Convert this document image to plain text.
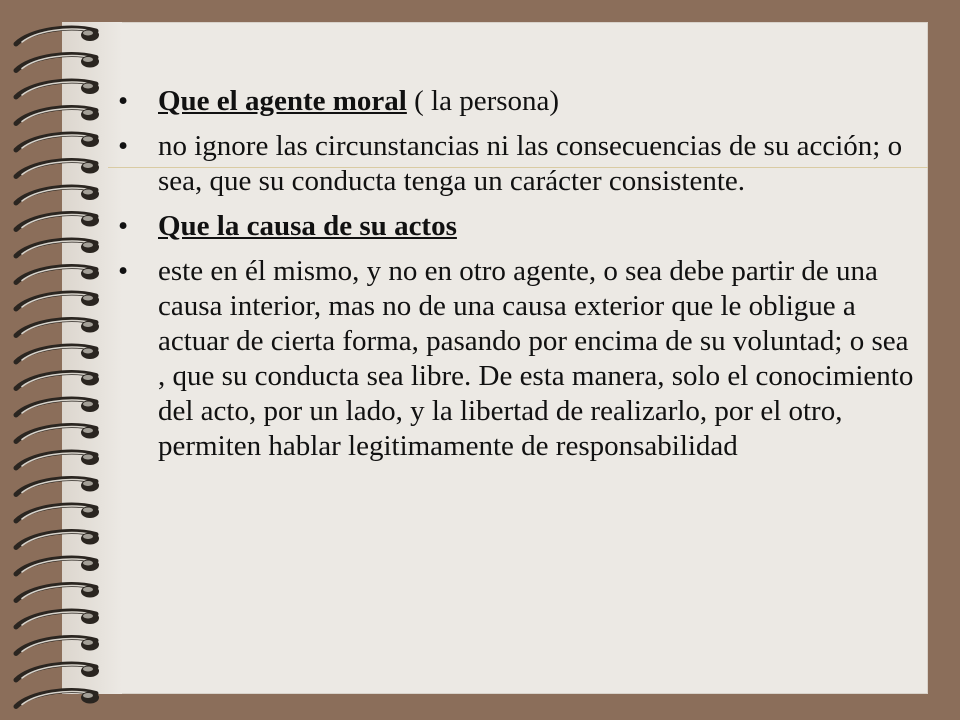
• Que el agente moral ( la persona)
• no ignore las circunstancias ni las consecuencias de su acción; o sea, que su conducta tenga un carácter consistente.
• Que la causa de su actos
• este en él mismo, y no en otro agente, o sea debe partir de una causa interior, mas no de una causa exterior que le obligue a actuar de cierta forma, pasando por encima de su voluntad; o sea , que su conducta sea libre. De esta manera, solo el conocimiento del acto, por un lado, y la libertad de realizarlo, por el otro, permiten hablar legitimamente de responsabilidad
